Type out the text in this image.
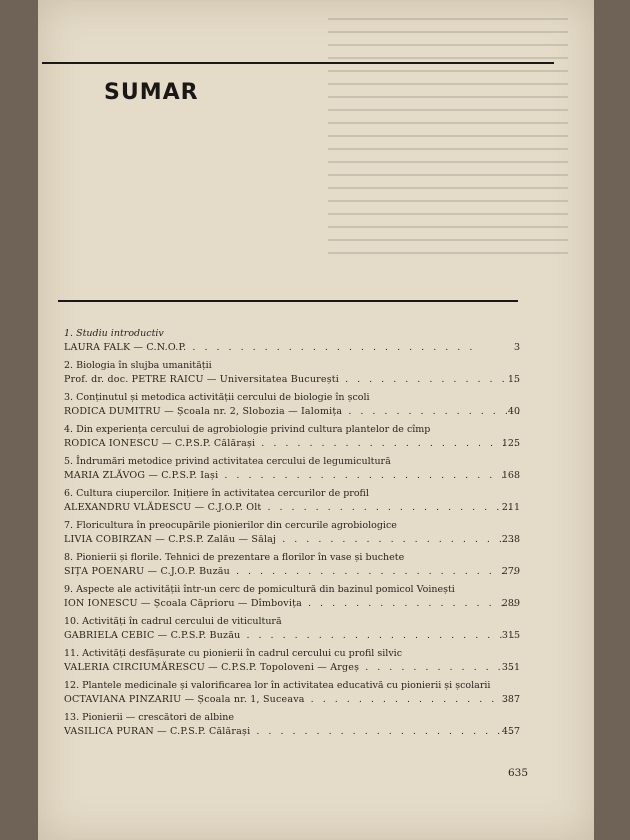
SUMAR
1. Studiu introductiv
LAURA FALK — C.N.O.P. . . .	3
2. Biologia în slujba umanității
Prof. dr. doc. PETRE RAICU — Universitatea București . . .	15
3. Conținutul și metodica activității cercului de biologie în școli
RODICA DUMITRU — Școala nr. 2, Slobozia — Ialomița . . .	40
4. Din experiența cercului de agrobiologie privind cultura plantelor de cîmp
RODICA IONESCU — C.P.S.P. Călărași . . .	125
5. Îndrumări metodice privind activitatea cercului de legumicultură
MARIA ZLĂVOG — C.P.S.P. Iași . . .	168
6. Cultura ciupercilor. Inițiere în activitatea cercurilor de profil
ALEXANDRU VLĂDESCU — C.J.O.P. Olt . . .	211
7. Floricultura în preocupările pionierilor din cercurile agrobiologice
LIVIA COBIRZAN — C.P.S.P. Zalău — Sălaj . . .	238
8. Pionierii și florile. Tehnici de prezentare a florilor în vase și buchete
SIȚA POENARU — C.J.O.P. Buzău . . .	279
9. Aspecte ale activității într-un cerc de pomicultură din bazinul pomicol Voinești
ION IONESCU — Școala Căprioru — Dîmbovița . . .	289
10. Activități în cadrul cercului de viticultură
GABRIELA CEBIC — C.P.S.P. Buzău . . .	315
11. Activități desfășurate cu pionierii în cadrul cercului cu profil silvic
VALERIA CIRCIUMĂRESCU — C.P.S.P. Topoloveni — Argeș . . .	351
12. Plantele medicinale și valorificarea lor în activitatea educativă cu pionierii și școlarii
OCTAVIANA PINZARIU — Școala nr. 1, Suceava . . .	387
13. Pionierii — crescători de albine
VASILICA PURAN — C.P.S.P. Călărași . . .	457
635
